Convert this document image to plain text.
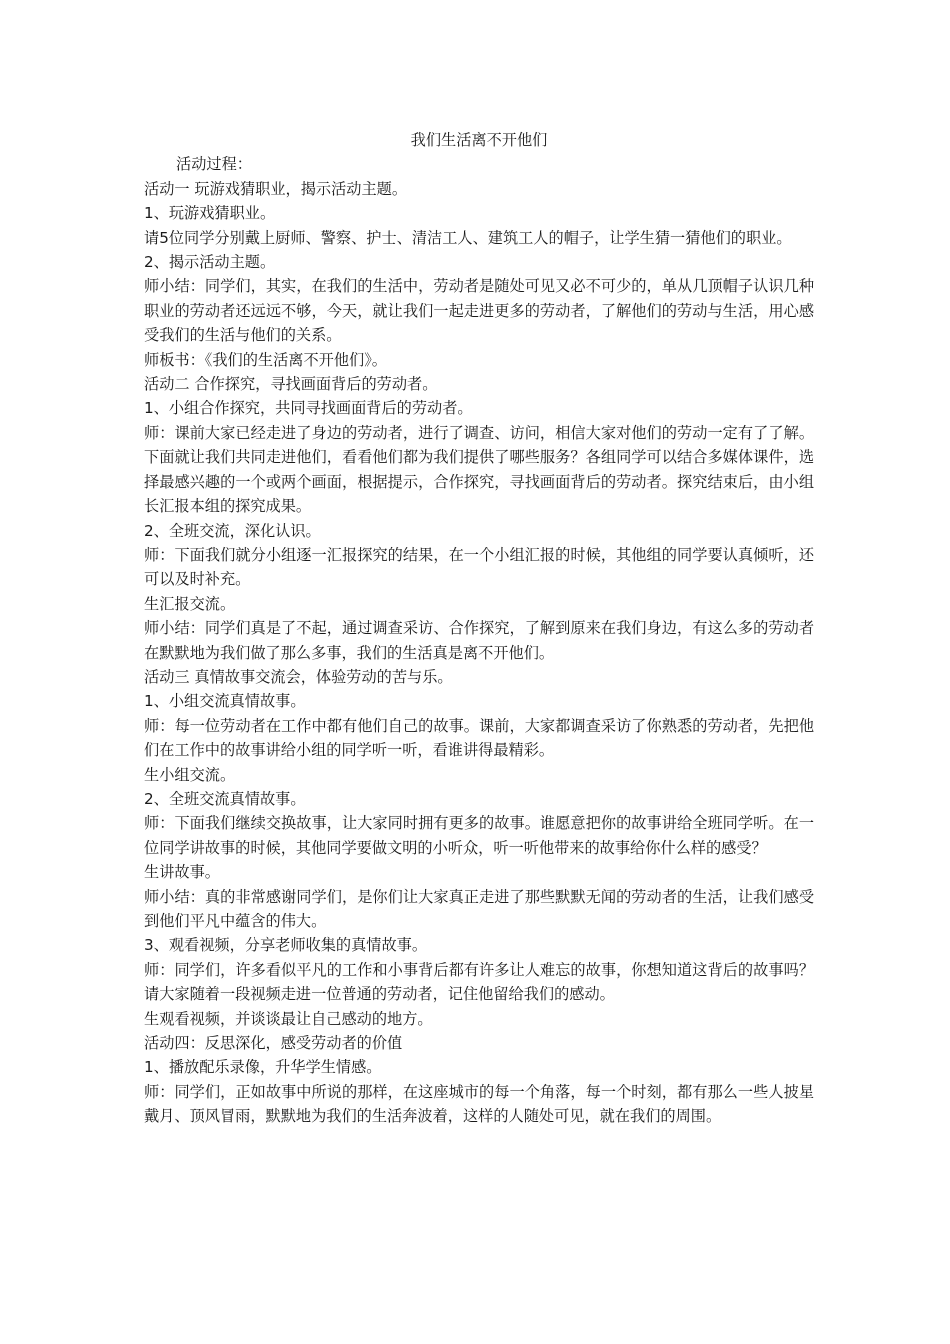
我们生活离不开他们

活动过程：

活动一 玩游戏猜职业，揭示活动主题。

1、玩游戏猜职业。

请5位同学分别戴上厨师、警察、护士、清洁工人、建筑工人的帽子，让学生猜一猜他们的职业。

2、揭示活动主题。

师小结：同学们，其实，在我们的生活中，劳动者是随处可见又必不可少的，单从几顶帽子认识几种职业的劳动者还远远不够，今天，就让我们一起走进更多的劳动者，了解他们的劳动与生活，用心感受我们的生活与他们的关系。

师板书：《我们的生活离不开他们》。

活动二 合作探究，寻找画面背后的劳动者。

1、小组合作探究，共同寻找画面背后的劳动者。

师：课前大家已经走进了身边的劳动者，进行了调查、访问，相信大家对他们的劳动一定有了了解。下面就让我们共同走进他们，看看他们都为我们提供了哪些服务？各组同学可以结合多媒体课件，选择最感兴趣的一个或两个画面，根据提示，合作探究，寻找画面背后的劳动者。探究结束后，由小组长汇报本组的探究成果。

2、全班交流，深化认识。

师：下面我们就分小组逐一汇报探究的结果，在一个小组汇报的时候，其他组的同学要认真倾听，还可以及时补充。

生汇报交流。

师小结：同学们真是了不起，通过调查采访、合作探究，了解到原来在我们身边，有这么多的劳动者在默默地为我们做了那么多事，我们的生活真是离不开他们。

活动三 真情故事交流会，体验劳动的苦与乐。

1、小组交流真情故事。

师：每一位劳动者在工作中都有他们自己的故事。课前，大家都调查采访了你熟悉的劳动者，先把他们在工作中的故事讲给小组的同学听一听，看谁讲得最精彩。

生小组交流。

2、全班交流真情故事。

师：下面我们继续交换故事，让大家同时拥有更多的故事。谁愿意把你的故事讲给全班同学听。在一位同学讲故事的时候，其他同学要做文明的小听众，听一听他带来的故事给你什么样的感受？

生讲故事。

师小结：真的非常感谢同学们，是你们让大家真正走进了那些默默无闻的劳动者的生活，让我们感受到他们平凡中蕴含的伟大。

3、观看视频，分享老师收集的真情故事。

师：同学们，许多看似平凡的工作和小事背后都有许多让人难忘的故事，你想知道这背后的故事吗？请大家随着一段视频走进一位普通的劳动者，记住他留给我们的感动。

生观看视频，并谈谈最让自己感动的地方。

活动四：反思深化，感受劳动者的价值

1、播放配乐录像，升华学生情感。

师：同学们，正如故事中所说的那样，在这座城市的每一个角落，每一个时刻，都有那么一些人披星戴月、顶风冒雨，默默地为我们的生活奔波着，这样的人随处可见，就在我们的周围。
